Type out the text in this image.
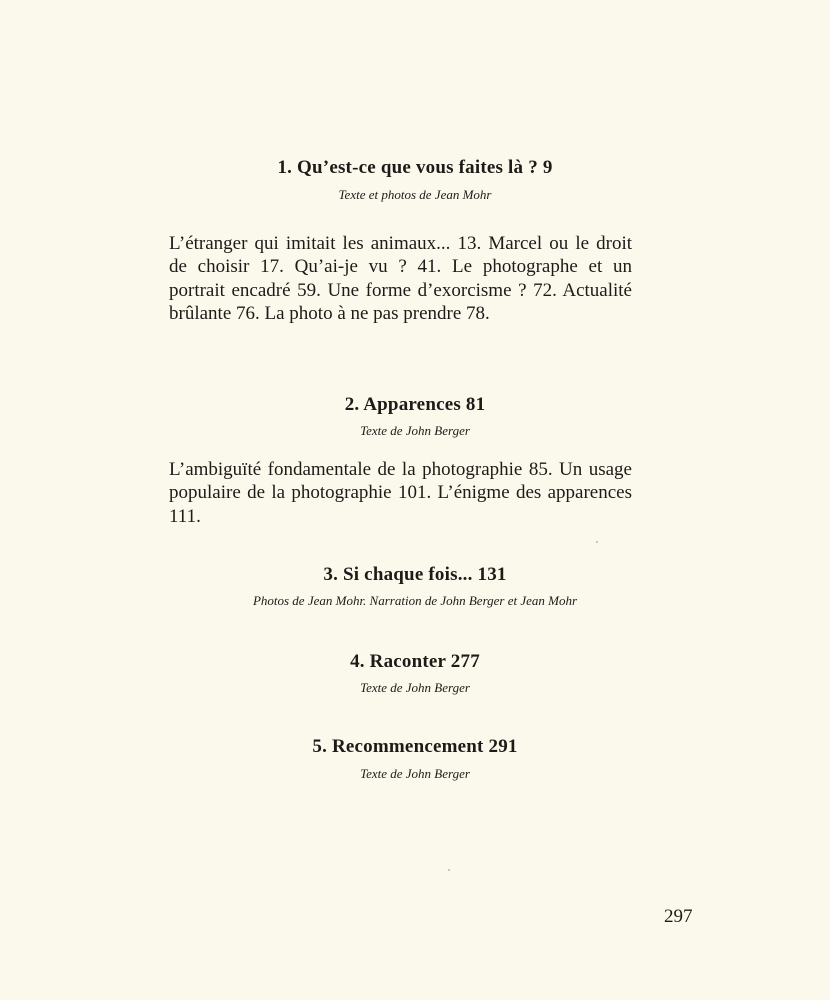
1. Qu’est-ce que vous faites là ? 9

Texte et photos de Jean Mohr

L’étranger qui imitait les animaux... 13. Marcel ou le droit de choisir 17. Qu’ai-je vu ? 41. Le photographe et un portrait encadré 59. Une forme d’exorcisme ? 72. Actualité brûlante 76. La photo à ne pas prendre 78.

2. Apparences 81

Texte de John Berger

L’ambiguïté fondamentale de la photographie 85. Un usage populaire de la photographie 101. L’énigme des apparences 111.

3. Si chaque fois... 131

Photos de Jean Mohr. Narration de John Berger et Jean Mohr

4. Raconter 277

Texte de John Berger

5. Recommencement 291

Texte de John Berger

297
